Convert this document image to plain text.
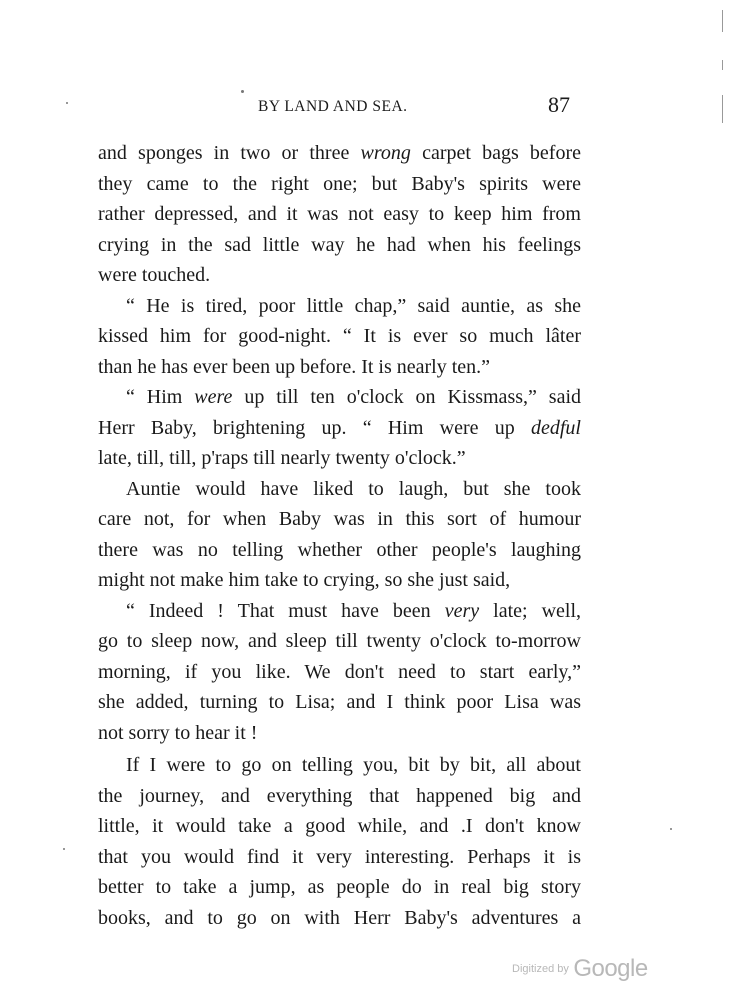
BY LAND AND SEA.	87
and sponges in two or three wrong carpet bags before
they came to the right one; but Baby's spirits were
rather depressed, and it was not easy to keep him from
crying in the sad little way he had when his feelings
were touched.
“ He is tired, poor little chap,” said auntie, as she
kissed him for good-night. “ It is ever so much lâter
than he has ever been up before. It is nearly ten.”
“ Him were up till ten o'clock on Kissmass,” said
Herr Baby, brightening up. “ Him were up dedful
late, till, till, p'raps till nearly twenty o'clock.”
Auntie would have liked to laugh, but she took
care not, for when Baby was in this sort of humour
there was no telling whether other people's laughing
might not make him take to crying, so she just said,
“ Indeed ! That must have been very late; well,
go to sleep now, and sleep till twenty o'clock to-morrow
morning, if you like. We don't need to start early,”
she added, turning to Lisa; and I think poor Lisa was
not sorry to hear it !
If I were to go on telling you, bit by bit, all about
the journey, and everything that happened big and
little, it would take a good while, and .I don't know
that you would find it very interesting. Perhaps it is
better to take a jump, as people do in real big story
books, and to go on with Herr Baby's adventures a
Digitized by Google
